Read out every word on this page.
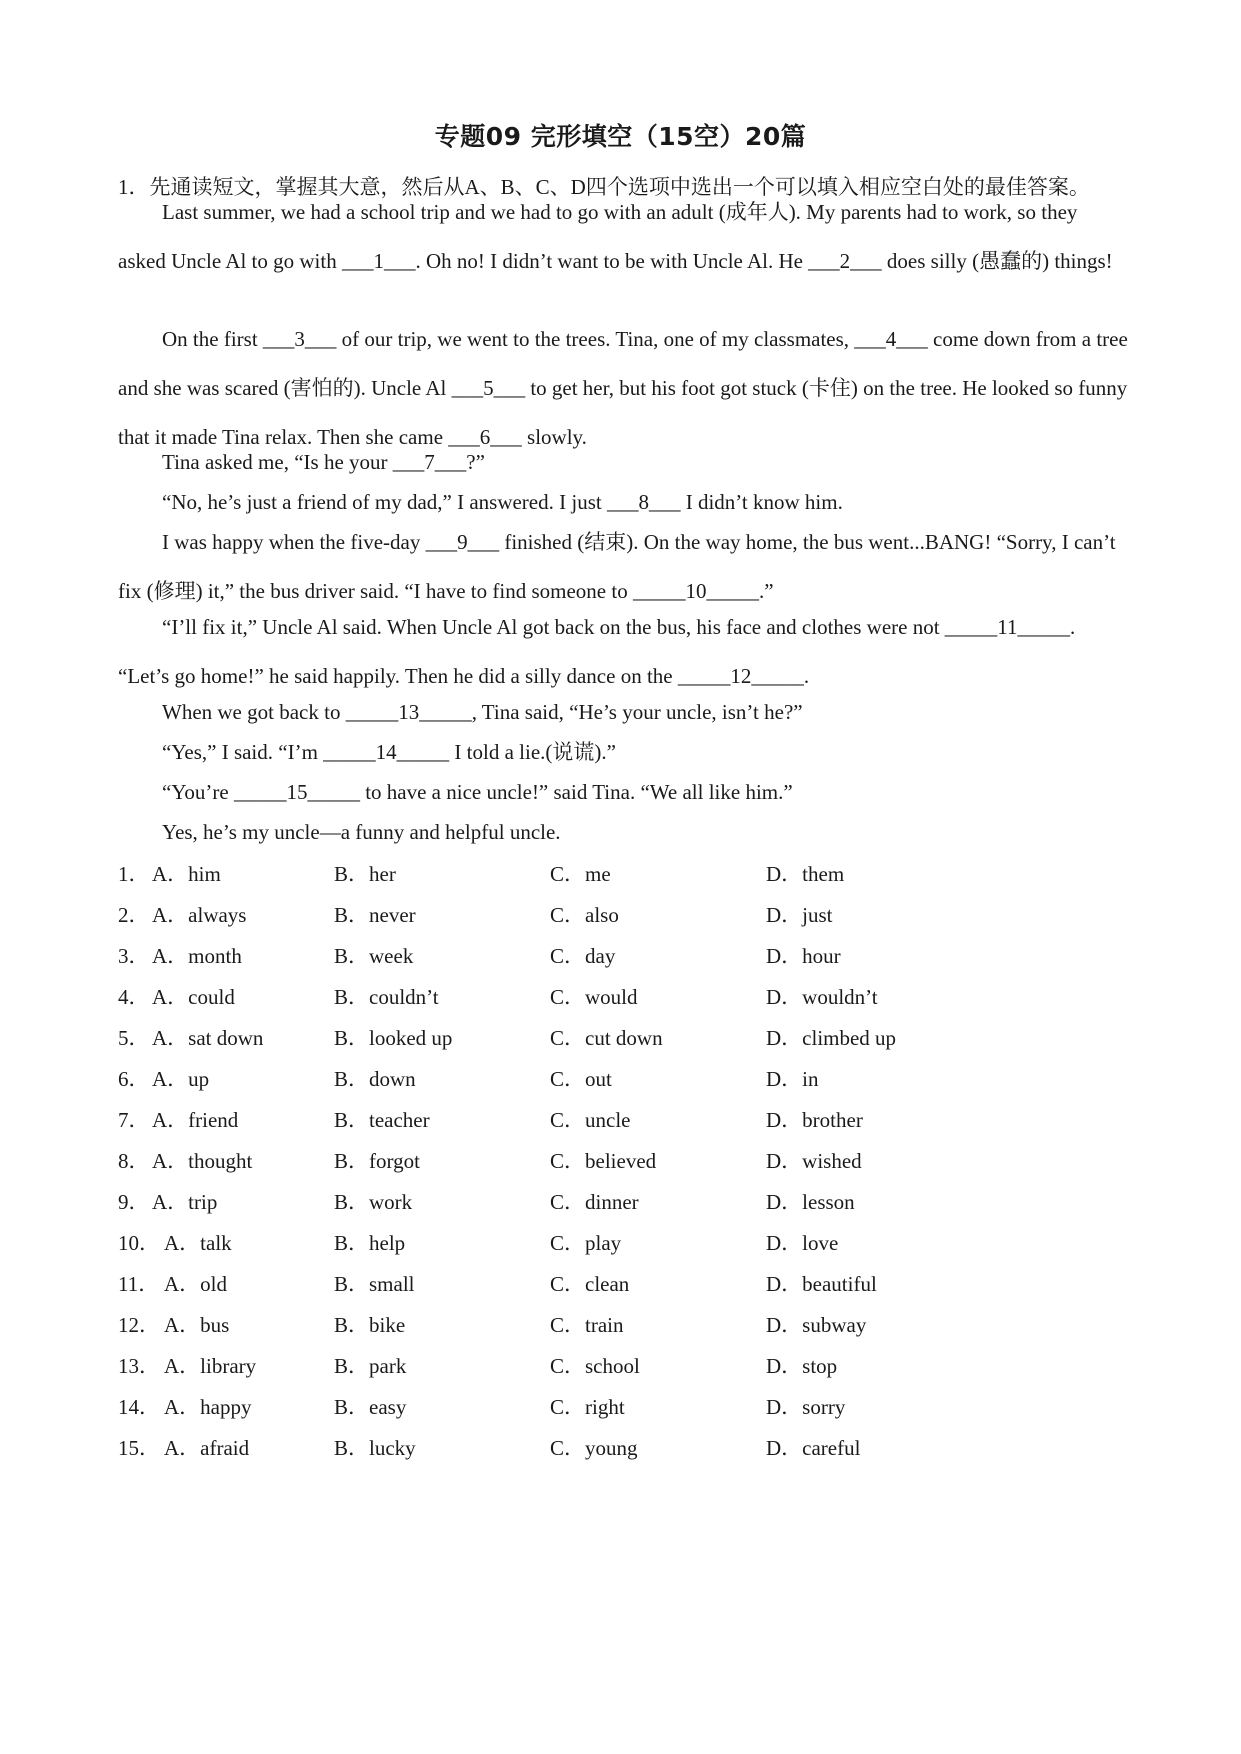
专题09 完形填空（15空）20篇
1．先通读短文，掌握其大意，然后从A、B、C、D四个选项中选出一个可以填入相应空白处的最佳答案。

Last summer, we had a school trip and we had to go with an adult (成年人). My parents had to work, so they asked Uncle Al to go with ___1___. Oh no! I didn’t want to be with Uncle Al. He ___2___ does silly (愚蠢的) things!

On the first ___3___ of our trip, we went to the trees. Tina, one of my classmates, ___4___ come down from a tree and she was scared (害怕的). Uncle Al ___5___ to get her, but his foot got stuck (卡住) on the tree. He looked so funny that it made Tina relax. Then she came ___6___ slowly.

Tina asked me, “Is he your ___7___?”

“No, he’s just a friend of my dad,” I answered. I just ___8___ I didn’t know him.

I was happy when the five-day ___9___ finished (结束). On the way home, the bus went...BANG! “Sorry, I can’t fix (修理) it,” the bus driver said. “I have to find someone to _____10_____.”

“I’ll fix it,” Uncle Al said. When Uncle Al got back on the bus, his face and clothes were not _____11_____. “Let’s go home!” he said happily. Then he did a silly dance on the _____12_____.

When we got back to _____13_____, Tina said, “He’s your uncle, isn’t he?”

“Yes,” I said. “I’m _____14_____ I told a lie.(说谎).”

“You’re _____15_____ to have a nice uncle!” said Tina. “We all like him.”

Yes, he’s my uncle—a funny and helpful uncle.

1． A．him	B．her	C．me	D．them
2． A．always	B．never	C．also	D．just
3． A．month	B．week	C．day	D．hour
4． A．could	B．couldn’t	C．would	D．wouldn’t
5． A．sat down	B．looked up	C．cut down	D．climbed up
6． A．up	B．down	C．out	D．in
7． A．friend	B．teacher	C．uncle	D．brother
8． A．thought	B．forgot	C．believed	D．wished
9． A．trip	B．work	C．dinner	D．lesson
10． A．talk	B．help	C．play	D．love
11． A．old	B．small	C．clean	D．beautiful
12． A．bus	B．bike	C．train	D．subway
13． A．library	B．park	C．school	D．stop
14． A．happy	B．easy	C．right	D．sorry
15． A．afraid	B．lucky	C．young	D．careful
